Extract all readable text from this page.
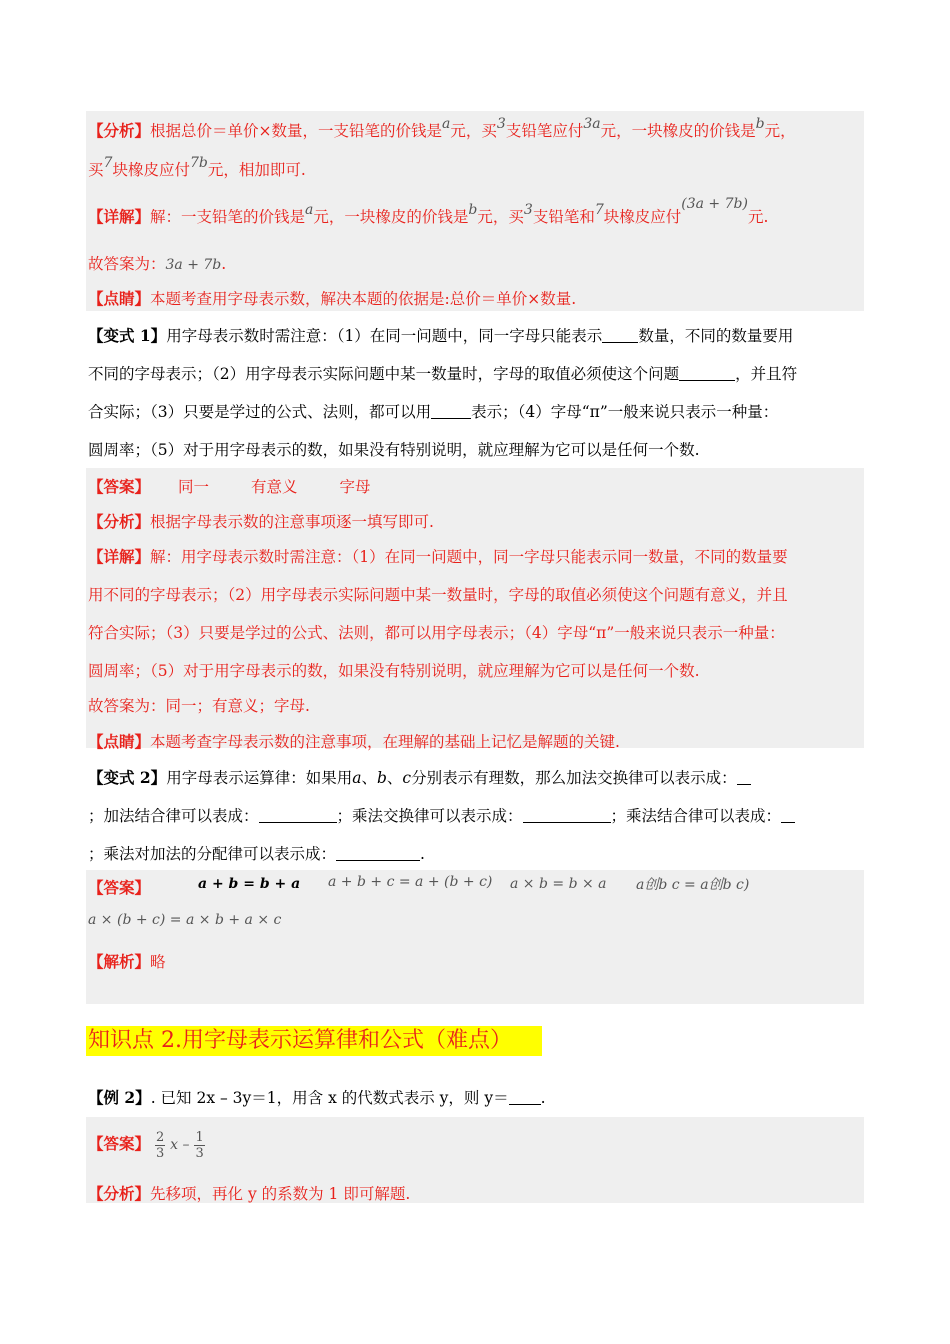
【分析】根据总价＝单价×数量，一支铅笔的价钱是a元，买3支铅笔应付3a元，一块橡皮的价钱是b元，
买7块橡皮应付7b元，相加即可.
【详解】解：一支铅笔的价钱是a元，一块橡皮的价钱是b元，买3支铅笔和7块橡皮应付(3a + 7b)元.
故答案为：3a + 7b.
【点睛】本题考查用字母表示数，解决本题的依据是:总价＝单价×数量.
【变式 1】用字母表示数时需注意：（1）在同一问题中，同一字母只能表示 数量，不同的数量要用
不同的字母表示；（2）用字母表示实际问题中某一数量时，字母的取值必须使这个问题	，并且符
合实际；（3）只要是学过的公式、法则，都可以用	表示；（4）字母“π”一般来说只表示一种量：
圆周率；（5）对于用字母表示的数，如果没有特别说明，就应理解为它可以是任何一个数.
【答案】 同一	有意义	字母
【分析】根据字母表示数的注意事项逐一填写即可.
【详解】解：用字母表示数时需注意：（1）在同一问题中，同一字母只能表示同一数量，不同的数量要
用不同的字母表示；（2）用字母表示实际问题中某一数量时，字母的取值必须使这个问题有意义，并且
符合实际；（3）只要是学过的公式、法则，都可以用字母表示；（4）字母“π”一般来说只表示一种量：
圆周率；（5）对于用字母表示的数，如果没有特别说明，就应理解为它可以是任何一个数.
故答案为：同一；有意义；字母.
【点睛】本题考查字母表示数的注意事项，在理解的基础上记忆是解题的关键.
【变式 2】用字母表示运算律：如果用a、b、c分别表示有理数，那么加法交换律可以表示成：
；加法结合律可以表成：	；乘法交换律可以表示成：	；乘法结合律可以表成：
；乘法对加法的分配律可以表示成：	.
【答案】	a + b = b + a a + b + c = a + (b + c) a × b = b × a a创b c = a创b c)
a × (b + c) = a × b + a × c
【解析】略
知识点 2.用字母表示运算律和公式（难点）
【例 2】. 已知 2x – 3y＝1，用含 x 的代数式表示 y，则 y＝ .
【答案】 $\frac{2}{3}$ x – $\frac{1}{3}$
【分析】先移项，再化 y 的系数为 1 即可解题.
